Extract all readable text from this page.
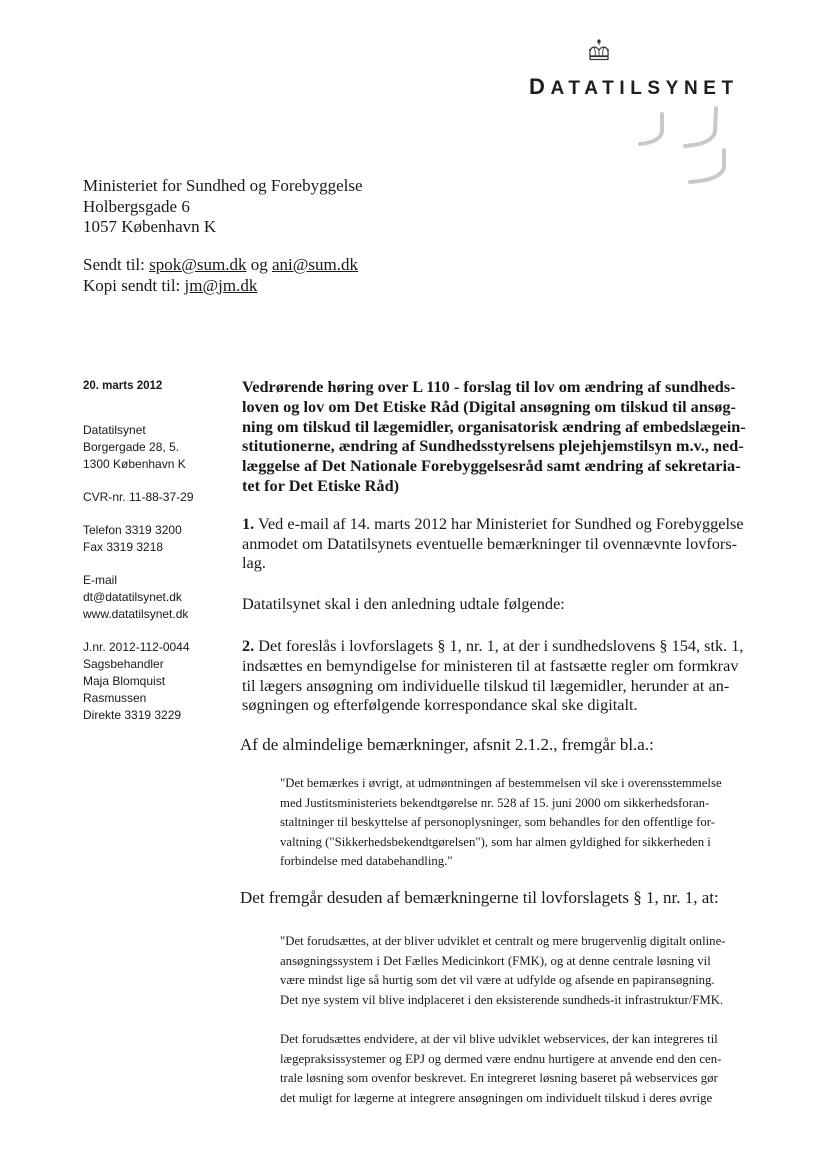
DATATILSYNET
Ministeriet for Sundhed og Forebyggelse
Holbergsgade 6
1057 København K
Sendt til: spok@sum.dk og ani@sum.dk
Kopi sendt til: jm@jm.dk
20. marts 2012
Datatilsynet
Borgergade 28, 5.
1300 København K
CVR-nr. 11-88-37-29
Telefon 3319 3200
Fax 3319 3218
E-mail
dt@datatilsynet.dk
www.datatilsynet.dk
J.nr. 2012-112-0044
Sagsbehandler
Maja Blomquist
Rasmussen
Direkte 3319 3229
Vedrørende høring over L 110 - forslag til lov om ændring af sundheds-
loven og lov om Det Etiske Råd (Digital ansøgning om tilskud til ansøg-
ning om tilskud til lægemidler, organisatorisk ændring af embedslægein-
stitutionerne, ændring af Sundhedsstyrelsens plejehjemstilsyn m.v., ned-
læggelse af Det Nationale Forebyggelsesråd samt ændring af sekretaria-
tet for Det Etiske Råd)
1. Ved e-mail af 14. marts 2012 har Ministeriet for Sundhed og Forebyggelse
anmodet om Datatilsynets eventuelle bemærkninger til ovennævnte lovfors-
lag.
Datatilsynet skal i den anledning udtale følgende:
2. Det foreslås i lovforslagets § 1, nr. 1, at der i sundhedslovens § 154, stk. 1,
indsættes en bemyndigelse for ministeren til at fastsætte regler om formkrav
til lægers ansøgning om individuelle tilskud til lægemidler, herunder at an-
søgningen og efterfølgende korrespondance skal ske digitalt.
Af de almindelige bemærkninger, afsnit 2.1.2., fremgår bl.a.:
"Det bemærkes i øvrigt, at udmøntningen af bestemmelsen vil ske i overensstemmelse
med Justitsministeriets bekendtgørelse nr. 528 af 15. juni 2000 om sikkerhedsforan-
staltninger til beskyttelse af personoplysninger, som behandles for den offentlige for-
valtning ("Sikkerhedsbekendtgørelsen"), som har almen gyldighed for sikkerheden i
forbindelse med databehandling."
Det fremgår desuden af bemærkningerne til lovforslagets § 1, nr. 1, at:
"Det forudsættes, at der bliver udviklet et centralt og mere brugervenlig digitalt online-
ansøgningssystem i Det Fælles Medicinkort (FMK), og at denne centrale løsning vil
være mindst lige så hurtig som det vil være at udfylde og afsende en papiransøgning.
Det nye system vil blive indplaceret i den eksisterende sundheds-it infrastruktur/FMK.
Det forudsættes endvidere, at der vil blive udviklet webservices, der kan integreres til
lægepraksissystemer og EPJ og dermed være endnu hurtigere at anvende end den cen-
trale løsning som ovenfor beskrevet. En integreret løsning baseret på webservices gør
det muligt for lægerne at integrere ansøgningen om individuelt tilskud i deres øvrige
